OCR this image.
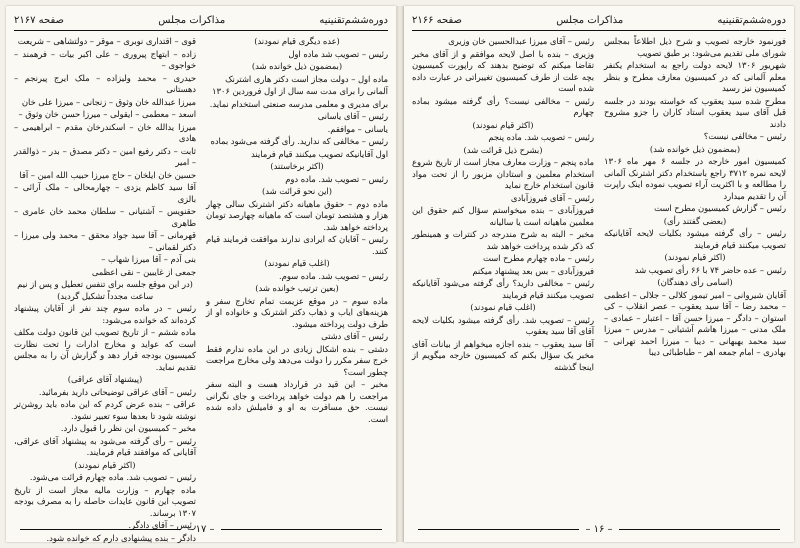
دوره‌ششم‌تقنینیه
مذاکرات مجلس
صفحه ۲۱۶۷

(عده دیگری قیام نمودند)

رئیس – تصویب شد ماده اول

(بمضمون ذیل خوانده شد)

ماده اول – دولت مجاز است دکتر هاری اشترنک

آلمانی را برای مدت سه سال از اول فروردین ۱۳۰۶

برای مدیری و معلمی مدرسه صنعتی استخدام نماید.

رئیس – آقای یاسانی

یاسانی – موافقم.

رئیس – مخالفی که ندارید. رأی گرفته می‌شود بماده

اول آقایانیکه تصویب میکنند قیام فرمایند

(اکثر برخاستند)

رئیس – تصویب شد. ماده دوم

(این نحو قرائت شد)

ماده دوم – حقوق ماهیانه دکتر اشترنک سالی چهار هزار و هشتصد تومان است که ماهیانه چهارصد تومان پرداخته خواهد شد.

رئیس – آقایان که ایرادی ندارند موافقت فرمایند قیام کنند.

(اغلب قیام نمودند)

رئیس – تصویب شد. ماده سوم.

(بعین ترتیب خوانده شد)

ماده سوم – در موقع عزیمت تمام تخارج سفر و هزینه‌های ایاب و ذهاب دکتر اشترنک و خانواده او از طرف دولت پرداخته میشود.

رئیس – آقای دشتی

دشتی – بنده اشکال زیادی در این ماده ندارم فقط خرج سفر مکرر را دولت می‌دهد ولی مخارج مراجعت چطور است؟

مخبر – این قید در قرارداد هست و البته سفر مراجعت را هم دولت خواهد پرداخت و جای نگرانی نیست. حق مسافرت به او و فامیلش داده شده است.

قوی – اقتداری نوبری – موقر – دولتشاهی – شریعت

زاده – ابتهاج پیروری – علی اکبر بیات – فرهمند – خواجوی –

حیدری – محمد ولیزاده – ملک ایرج پیرنجم – دهستانی

میرزا عبدالله خان وثوق – زنجانی – میرزا علی خان

اسعد – معطمی – ایقولی – میرزا حسن خان وثوق –

میرزا یدالله خان – اسکندرخان مقدم – ابراهیمی – هادی

ثابت – دکتر رفیع امین – دکتر مصدق – بدر – ذوالقدر – امیر

حسین خان ایلخان – حاج میرزا حبیب الله امین – آقا

آقا سید کاظم یزدی – چهارمحالی – ملک آرائی – بالزی

حقنویس – آشتیانی – سلطان محمد خان عامری – طاهری

قهرمانی – آقا سید جواد محقق – محمد ولی میرزا – دکتر لقمانی –

بنی آدم – آقا میرزا شهاب –

جمعی از غایبین – نقی اعظمی

(در این موقع جلسه برای تنفس تعطیل و پس از نیم ساعت مجدداً تشکیل گردید)

رئیس – در ماده سوم چند نفر از آقایان پیشنهاد کرده‌اند که خوانده می‌شود:

ماده ششم – از تاریخ تصویب این قانون دولت مکلف است که عواید و مخارج ادارات را تحت نظارت کمیسیون بودجه قرار دهد و گزارش آن را به مجلس تقدیم نماید.

(پیشنهاد آقای عراقی)

رئیس – آقای عراقی توضیحاتی دارید بفرمائید.

عراقی – بنده عرض کردم که این ماده باید روشن‌تر نوشته شود تا بعدها سوء تعبیر نشود.

مخبر – کمیسیون این نظر را قبول دارد.

رئیس – رأی گرفته می‌شود به پیشنهاد آقای عراقی، آقایانی که موافقند قیام فرمایند.

(اکثر قیام نمودند)

رئیس – تصویب شد. ماده چهارم قرائت می‌شود.

ماده چهارم – وزارت مالیه مجاز است از تاریخ تصویب این قانون عایدات حاصله را به مصرف بودجه ۱۳۰۷ برساند.

رئیس – آقای دادگر.

دادگر – بنده پیشنهادی دارم که خوانده شود.

– ۱۷ –
دوره‌ششم‌تقنینیه
مذاکرات مجلس
صفحه ۲۱۶۶

فورنمود خارجه تصویب و شرح ذیل اطلاعاً بمجلس شورای ملی تقدیم می‌شود: بر طبق تصویب

شهریور ۱۳۰۶ لایحه دولت راجع به استخدام یکنفر معلم آلمانی که در کمیسیون معارف مطرح و بنظر کمیسیون نیز رسید

مطرح شده سید یعقوب که خواسته بودند در جلسه قبل آقای سید یعقوب استاد کاران را جزو مشروح دادند

رئیس – مخالفی نیست؟

(بمضمون ذیل خوانده شد)

کمیسیون امور خارجه در جلسه ۶ مهر ماه ۱۳۰۶ لایحه نمره ۳۷۱۲ راجع باستخدام دکتر اشترنک آلمانی را مطالعه و با اکثریت آراء تصویب نموده اینک راپرت آن را تقدیم میدارد

رئیس – گزارش کمیسیون مطرح است

(بعضی گفتند رأی)

رئیس – رأی گرفته میشود بکلیات لایحه آقایانیکه تصویب میکنند قیام فرمایند

(اکثر قیام نمودند)

رئیس – عده حاضر ۷۴ با ۶۶ رأی تصویب شد

(اسامی رأی دهندگان)

آقایان شیروانی – امیر تیمور کلالی – جلالی – اعظمی – محمد رضا – آقا سید یعقوب – عصر انقلاب – کی استوان – دادگر – میرزا حسن آقا – اعتبار – عمادی – ملک مدنی – میرزا هاشم آشتیانی – مدرس – میرزا سید محمد بهبهانی – دیبا – میرزا احمد تهرانی – بهادری – امام جمعه اهر – طباطبائی دیبا

رئیس – آقای میرزا عبدالحسین خان وزیری

وزیری – بنده با اصل لایحه موافقم و از آقای مخبر تقاضا میکنم که توضیح بدهند که راپورت کمیسیون بچه علت از طرف کمیسیون تغییراتی در عبارت داده شده است

رئیس – مخالفی نیست؟ رأی گرفته میشود بماده چهارم

(اکثر قیام نمودند)

رئیس – تصویب شد. ماده پنجم

(بشرح ذیل قرائت شد)

ماده پنجم – وزارت معارف مجاز است از تاریخ شروع استخدام معلمین و استادان مزبور را از تحت مواد قانون استخدام خارج نماید

رئیس – آقای فیروزآبادی

فیروزآبادی – بنده میخواستم سؤال کنم حقوق این معلمین ماهیانه است یا سالیانه

مخبر – البته به شرح مندرجه در کنترات و همینطور که ذکر شده پرداخت خواهد شد

رئیس – ماده چهارم مطرح است

فیروزآبادی – بس بعد پیشنهاد میکنم

رئیس – مخالفی دارید؟ رأی گرفته می‌شود آقایانیکه تصویب میکنند قیام فرمایند

(اغلب قیام نمودند)

رئیس – تصویب شد. رأی گرفته میشود بکلیات لایحه آقای آقا سید یعقوب

آقا سید یعقوب – بنده اجازه میخواهم از بیانات آقای مخبر یک سؤال بکنم که کمیسیون خارجه میگویم از اینجا گذشته

– ۱۶ –
